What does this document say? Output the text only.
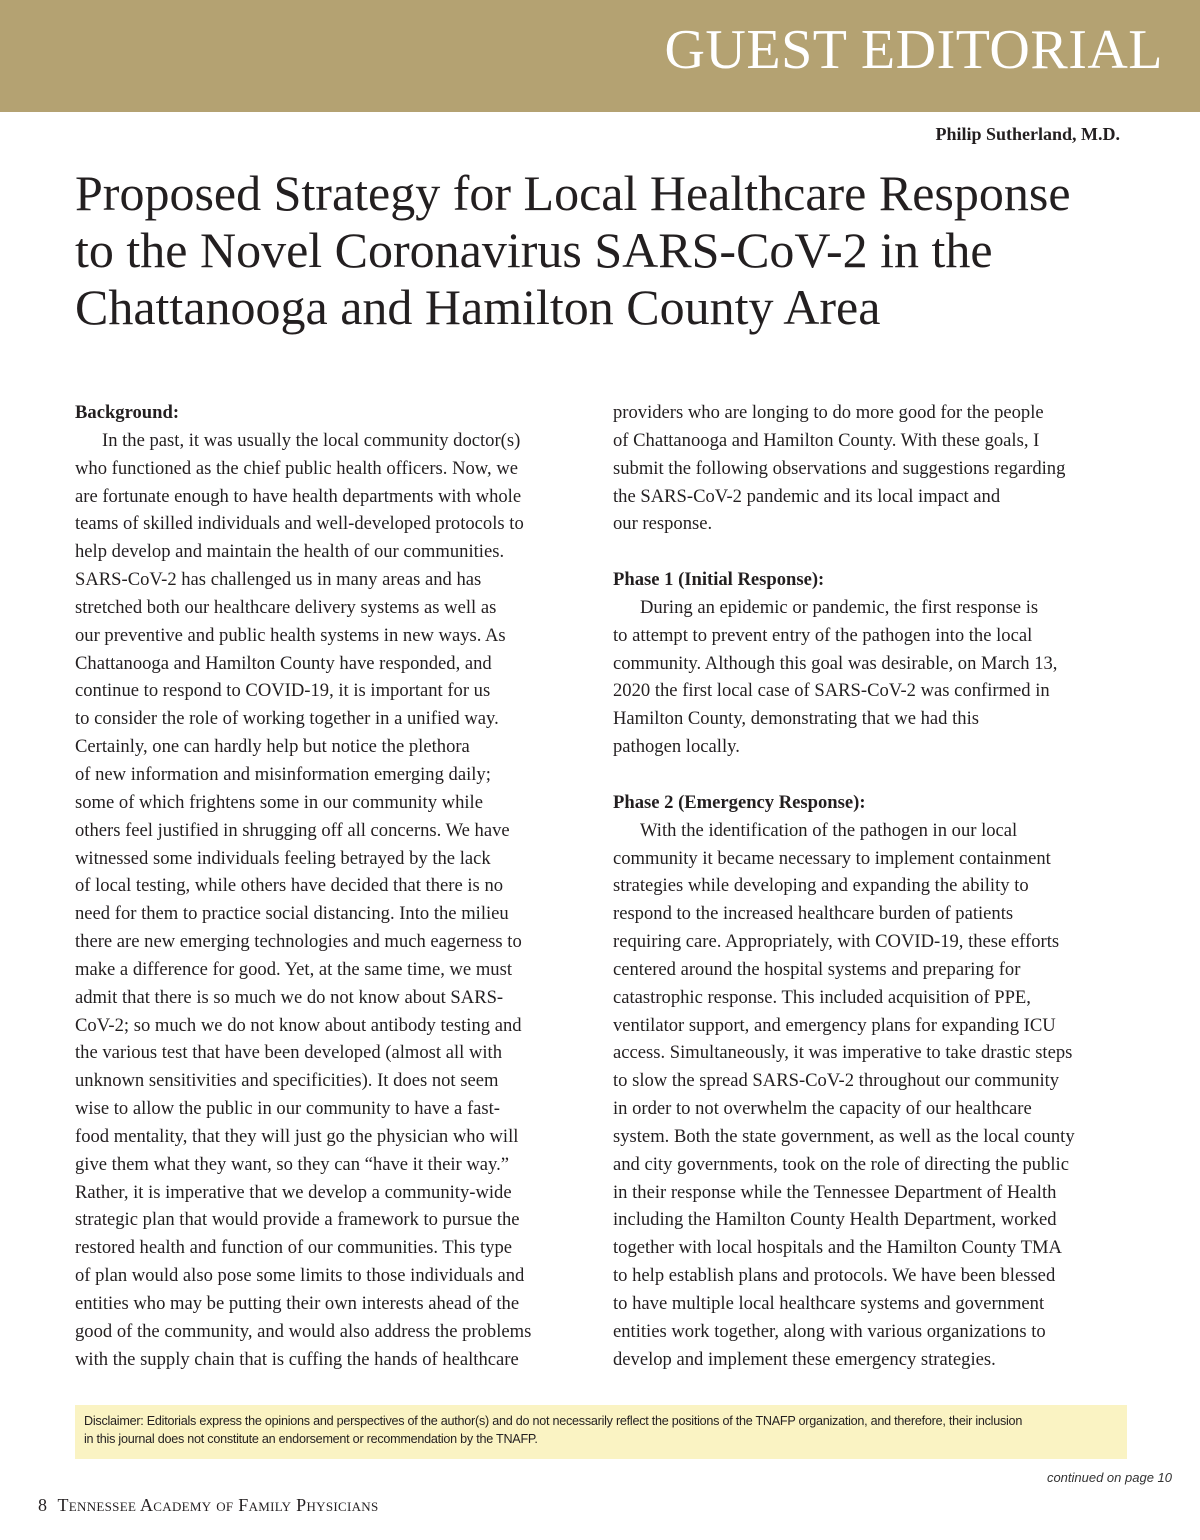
GUEST EDITORIAL
Philip Sutherland, M.D.
Proposed Strategy for Local Healthcare Response
to the Novel Coronavirus SARS-CoV-2 in the
Chattanooga and Hamilton County Area
Background:
In the past, it was usually the local community doctor(s)
who functioned as the chief public health officers. Now, we
are fortunate enough to have health departments with whole
teams of skilled individuals and well-developed protocols to
help develop and maintain the health of our communities.
SARS-CoV-2 has challenged us in many areas and has
stretched both our healthcare delivery systems as well as
our preventive and public health systems in new ways. As
Chattanooga and Hamilton County have responded, and
continue to respond to COVID-19, it is important for us
to consider the role of working together in a unified way.
Certainly, one can hardly help but notice the plethora
of new information and misinformation emerging daily;
some of which frightens some in our community while
others feel justified in shrugging off all concerns. We have
witnessed some individuals feeling betrayed by the lack
of local testing, while others have decided that there is no
need for them to practice social distancing. Into the milieu
there are new emerging technologies and much eagerness to
make a difference for good. Yet, at the same time, we must
admit that there is so much we do not know about SARS-
CoV-2; so much we do not know about antibody testing and
the various test that have been developed (almost all with
unknown sensitivities and specificities). It does not seem
wise to allow the public in our community to have a fast-
food mentality, that they will just go the physician who will
give them what they want, so they can “have it their way.”
Rather, it is imperative that we develop a community-wide
strategic plan that would provide a framework to pursue the
restored health and function of our communities. This type
of plan would also pose some limits to those individuals and
entities who may be putting their own interests ahead of the
good of the community, and would also address the problems
with the supply chain that is cuffing the hands of healthcare
providers who are longing to do more good for the people
of Chattanooga and Hamilton County. With these goals, I
submit the following observations and suggestions regarding
the SARS-CoV-2 pandemic and its local impact and
our response.
Phase 1 (Initial Response):
During an epidemic or pandemic, the first response is
to attempt to prevent entry of the pathogen into the local
community. Although this goal was desirable, on March 13,
2020 the first local case of SARS-CoV-2 was confirmed in
Hamilton County, demonstrating that we had this
pathogen locally.
Phase 2 (Emergency Response):
With the identification of the pathogen in our local
community it became necessary to implement containment
strategies while developing and expanding the ability to
respond to the increased healthcare burden of patients
requiring care. Appropriately, with COVID-19, these efforts
centered around the hospital systems and preparing for
catastrophic response. This included acquisition of PPE,
ventilator support, and emergency plans for expanding ICU
access. Simultaneously, it was imperative to take drastic steps
to slow the spread SARS-CoV-2 throughout our community
in order to not overwhelm the capacity of our healthcare
system. Both the state government, as well as the local county
and city governments, took on the role of directing the public
in their response while the Tennessee Department of Health
including the Hamilton County Health Department, worked
together with local hospitals and the Hamilton County TMA
to help establish plans and protocols. We have been blessed
to have multiple local healthcare systems and government
entities work together, along with various organizations to
develop and implement these emergency strategies.
Disclaimer: Editorials express the opinions and perspectives of the author(s) and do not necessarily reflect the positions of the TNAFP organization, and therefore, their inclusion
in this journal does not constitute an endorsement or recommendation by the TNAFP.
continued on page 10
8 Tennessee Academy of Family Physicians
